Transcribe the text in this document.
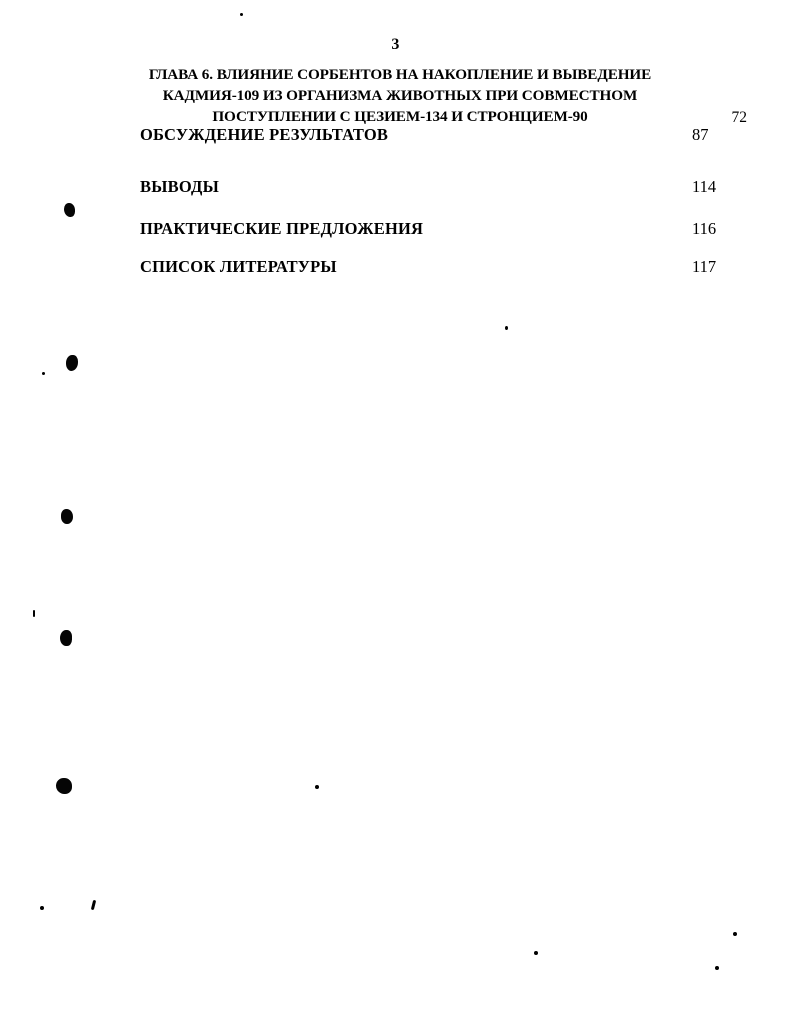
3
ГЛАВА 6. ВЛИЯНИЕ СОРБЕНТОВ НА НАКОПЛЕНИЕ И ВЫВЕДЕНИЕ КАДМИЯ-109 ИЗ ОРГАНИЗМА ЖИВОТНЫХ ПРИ СОВМЕСТНОМ ПОСТУПЛЕНИИ С ЦЕЗИЕМ-134 И СТРОНЦИЕМ-90	72
ОБСУЖДЕНИЕ РЕЗУЛЬТАТОВ	87
ВЫВОДЫ	114
ПРАКТИЧЕСКИЕ ПРЕДЛОЖЕНИЯ	116
СПИСОК ЛИТЕРАТУРЫ	117
